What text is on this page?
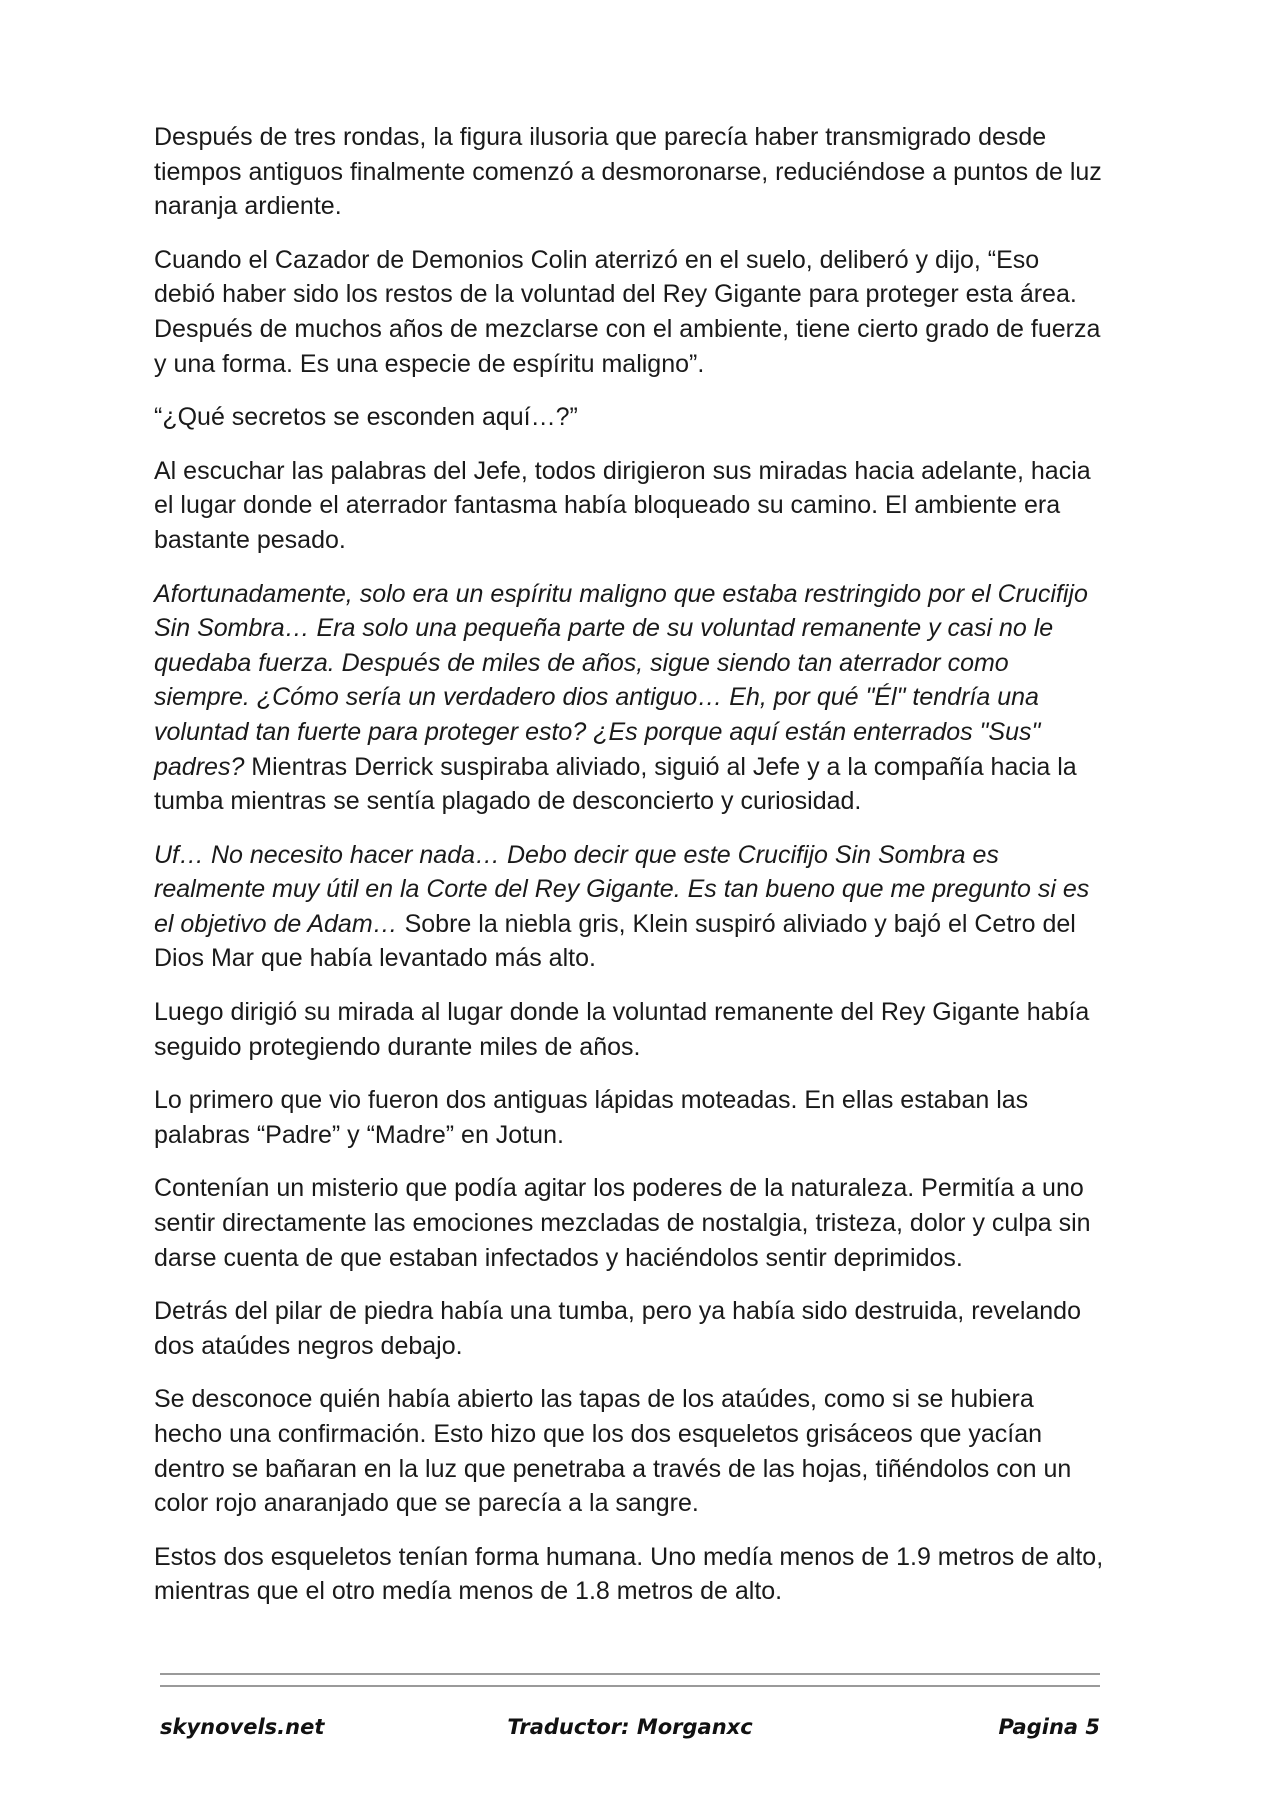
Después de tres rondas, la figura ilusoria que parecía haber transmigrado desde tiempos antiguos finalmente comenzó a desmoronarse, reduciéndose a puntos de luz naranja ardiente.

Cuando el Cazador de Demonios Colin aterrizó en el suelo, deliberó y dijo, “Eso debió haber sido los restos de la voluntad del Rey Gigante para proteger esta área. Después de muchos años de mezclarse con el ambiente, tiene cierto grado de fuerza y una forma. Es una especie de espíritu maligno”.

“¿Qué secretos se esconden aquí…?”

Al escuchar las palabras del Jefe, todos dirigieron sus miradas hacia adelante, hacia el lugar donde el aterrador fantasma había bloqueado su camino. El ambiente era bastante pesado.

Afortunadamente, solo era un espíritu maligno que estaba restringido por el Crucifijo Sin Sombra… Era solo una pequeña parte de su voluntad remanente y casi no le quedaba fuerza. Después de miles de años, sigue siendo tan aterrador como siempre. ¿Cómo sería un verdadero dios antiguo… Eh, por qué "Él" tendría una voluntad tan fuerte para proteger esto? ¿Es porque aquí están enterrados "Sus" padres? Mientras Derrick suspiraba aliviado, siguió al Jefe y a la compañía hacia la tumba mientras se sentía plagado de desconcierto y curiosidad.

Uf… No necesito hacer nada… Debo decir que este Crucifijo Sin Sombra es realmente muy útil en la Corte del Rey Gigante. Es tan bueno que me pregunto si es el objetivo de Adam… Sobre la niebla gris, Klein suspiró aliviado y bajó el Cetro del Dios Mar que había levantado más alto.

Luego dirigió su mirada al lugar donde la voluntad remanente del Rey Gigante había seguido protegiendo durante miles de años.

Lo primero que vio fueron dos antiguas lápidas moteadas. En ellas estaban las palabras “Padre” y “Madre” en Jotun.

Contenían un misterio que podía agitar los poderes de la naturaleza. Permitía a uno sentir directamente las emociones mezcladas de nostalgia, tristeza, dolor y culpa sin darse cuenta de que estaban infectados y haciéndolos sentir deprimidos.

Detrás del pilar de piedra había una tumba, pero ya había sido destruida, revelando dos ataúdes negros debajo.

Se desconoce quién había abierto las tapas de los ataúdes, como si se hubiera hecho una confirmación. Esto hizo que los dos esqueletos grisáceos que yacían dentro se bañaran en la luz que penetraba a través de las hojas, tiñéndolos con un color rojo anaranjado que se parecía a la sangre.

Estos dos esqueletos tenían forma humana. Uno medía menos de 1.9 metros de alto, mientras que el otro medía menos de 1.8 metros de alto.

skynovels.net	Traductor: Morganxc	Pagina 5
